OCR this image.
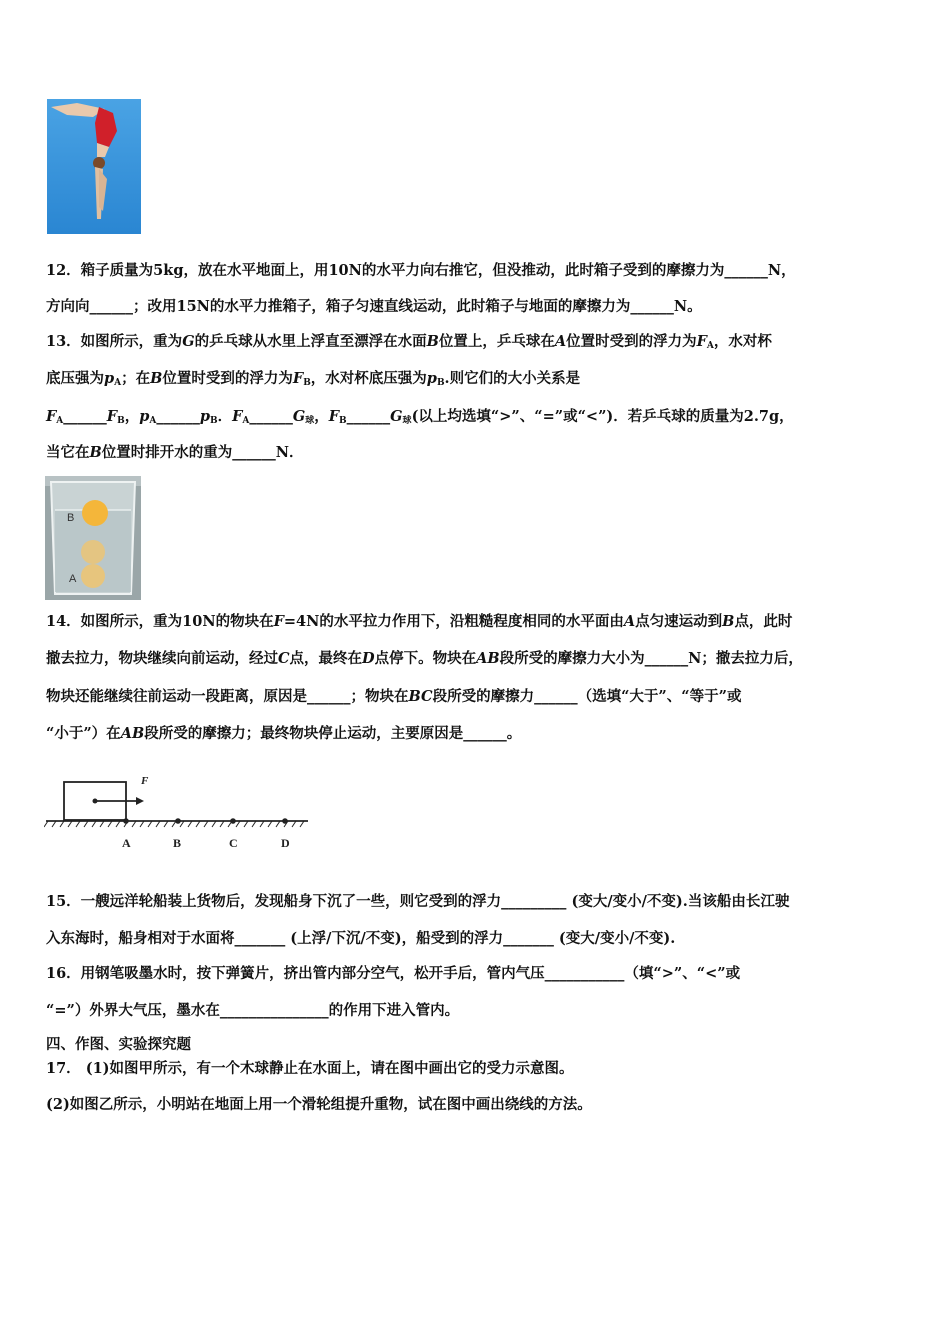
12．箱子质量为5kg，放在水平地面上，用10N的水平力向右推它，但没推动，此时箱子受到的摩擦力为______N，
方向向______；改用15N的水平力推箱子，箱子匀速直线运动，此时箱子与地面的摩擦力为______N。
13．如图所示，重为G的乒乓球从水里上浮直至漂浮在水面B位置上，乒乓球在A位置时受到的浮力为$F_A$，水对杯
底压强为$p_A$；在B位置时受到的浮力为$F_B$，水对杯底压强为$p_B$.则它们的大小关系是
$F_A\_\_\_\_\_\_F_B$，$p_A\_\_\_\_\_\_p_B$．$F_A\_\_\_\_\_\_G_球$，$F_B\_\_\_\_\_\_G_球$(以上均选填“>”、“=”或“<”)．若乒乓球的质量为2.7g，
当它在B位置时排开水的重为______N．
B
A
14．如图所示，重为10N的物块在F=4N的水平拉力作用下，沿粗糙程度相同的水平面由A点匀速运动到B点，此时
撤去拉力，物块继续向前运动，经过C点，最终在D点停下。物块在AB段所受的摩擦力大小为______N；撤去拉力后，
物块还能继续往前运动一段距离，原因是______；物块在BC段所受的摩擦力______（选填“大于”、“等于”或
“小于”）在AB段所受的摩擦力；最终物块停止运动，主要原因是______。
F
A	B	C	D
15．一艘远洋轮船装上货物后，发现船身下沉了一些，则它受到的浮力_________ (变大/变小/不变).当该船由长江驶
入东海时，船身相对于水面将_______ (上浮/下沉/不变)，船受到的浮力_______ (变大/变小/不变).
16．用钢笔吸墨水时，按下弹簧片，挤出管内部分空气，松开手后，管内气压___________（填“>”、“<”或
“=”）外界大气压，墨水在_______________的作用下进入管内。
四、作图、实验探究题
17． (1)如图甲所示，有一个木球静止在水面上，请在图中画出它的受力示意图。
(2)如图乙所示，小明站在地面上用一个滑轮组提升重物，试在图中画出绕线的方法。
